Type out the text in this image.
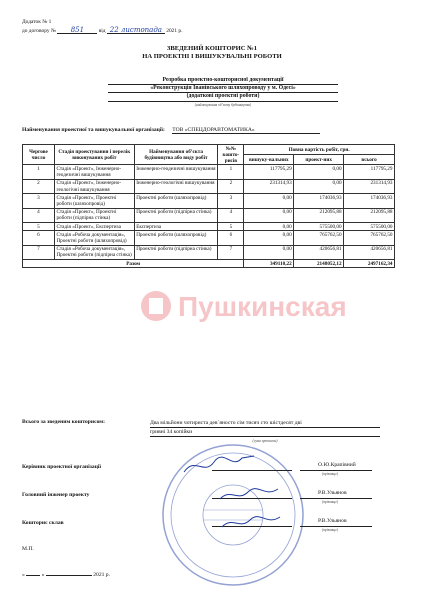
Додаток № 1
до договору № 851	від 22 листопада 2021 р.
ЗВЕДЕНИЙ КОШТОРИС №1
НА ПРОЕКТНІ І ВИШУКУВАЛЬНІ РОБОТИ
Розробка проектно-кошторисної документації
«Реконструкція Іванівського шляхопроводу у м. Одесі»
(додаткові проектні роботи)
(найменування об’єкту будівництва)
Найменування проектної та вишукувальної організації: ТОВ «СПЕЦДОРАВТОМАТИКА»
Пушкинская
Чергове число	Стадія проектування і перелік виконуваних робіт	Найменування об’єкта будівництва або виду робіт	№№ кошто-рисів	Повна вартість робіт, грн.		
				вишуку-вальних	проект-них	всього
1	Стадія «Проект», Інженерно-геодезичні вишукування	Інженерно-геодезичні вишукування	1	117795,29	0,00	117795,29
2	Стадія «Проект», Інженерно-геологічні вишукування	Інженерно-геологічні вишукування	2	231314,93	0,00	231314,93
3	Стадія «Проект», Проектні роботи (шляхопровід)	Проектні роботи (шляхопровід)	3	0,00	174036,93	174036,93
4	Стадія «Проект», Проектні роботи (підпірна стінка)	Проектні роботи (підпірна стінка)	4	0,00	212095,88	212095,88
5	Стадія «Проект», Експертиза	Експертиза	5	0,00	575500,00	575500,00
6	Стадія «Робоча документація», Проектні роботи (шляхопровід)	Проектні роботи (шляхопровід)	6	0,00	765762,50	765762,50
7	Стадія «Робоча документація», Проектні роботи (підпірна стінка)	Проектні роботи (підпірна стінка)	7	0,00	420656,81	420656,81
Разом				349110,22	2148052,12	2497162,34
Всього за зведеним кошторисом:	Два мільйони чотириста дев`яносто сім тисяч сто шістдесят дві
гривні 34 копійки
(сума прописом)
Керівник проектної організації	О.Ю.Крапівний
(прізвище)
Головний інженер проекту	Р.В.Ульянов
(прізвище)
Кошторис склав	Р.В.Ульянов
(прізвище)
М.П.
«	»	2021 р.
